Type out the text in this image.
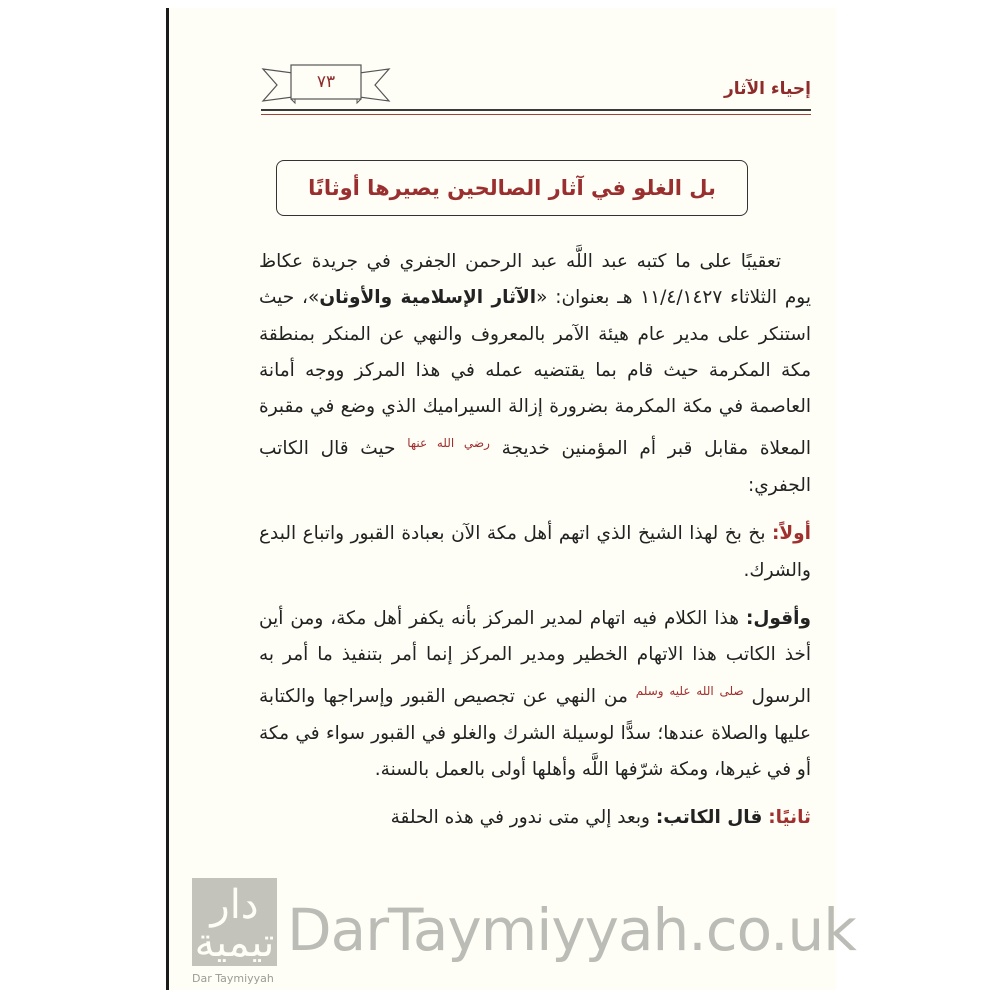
٧٣	إحياء الآثار
بل الغلو في آثار الصالحين يصيرها أوثانًا

تعقيبًا على ما كتبه عبد اللَّه عبد الرحمن الجفري في جريدة عكاظ يوم الثلاثاء ١١/٤/١٤٢٧ هـ بعنوان: «الآثار الإسلامية والأوثان»، حيث استنكر على مدير عام هيئة الآمر بالمعروف والنهي عن المنكر بمنطقة مكة المكرمة حيث قام بما يقتضيه عمله في هذا المركز ووجه أمانة العاصمة في مكة المكرمة بضرورة إزالة السيراميك الذي وضع في مقبرة المعلاة مقابل قبر أم المؤمنين خديجة $^{رضي الله عنها}$ حيث قال الكاتب الجفري:

أولاً: بخ بخ لهذا الشيخ الذي اتهم أهل مكة الآن بعبادة القبور واتباع البدع والشرك.

وأقول: هذا الكلام فيه اتهام لمدير المركز بأنه يكفر أهل مكة، ومن أين أخذ الكاتب هذا الاتهام الخطير ومدير المركز إنما أمر بتنفيذ ما أمر به الرسول $^{صلى الله عليه وسلم}$ من النهي عن تجصيص القبور وإسراجها والكتابة عليها والصلاة عندها؛ سدًّا لوسيلة الشرك والغلو في القبور سواء في مكة أو في غيرها، ومكة شرّفها اللَّه وأهلها أولى بالعمل بالسنة.

ثانيًا: قال الكاتب: وبعد إلي متى ندور في هذه الحلقة

دار تيمية
Dar Taymiyyah
DarTaymiyyah.co.uk
